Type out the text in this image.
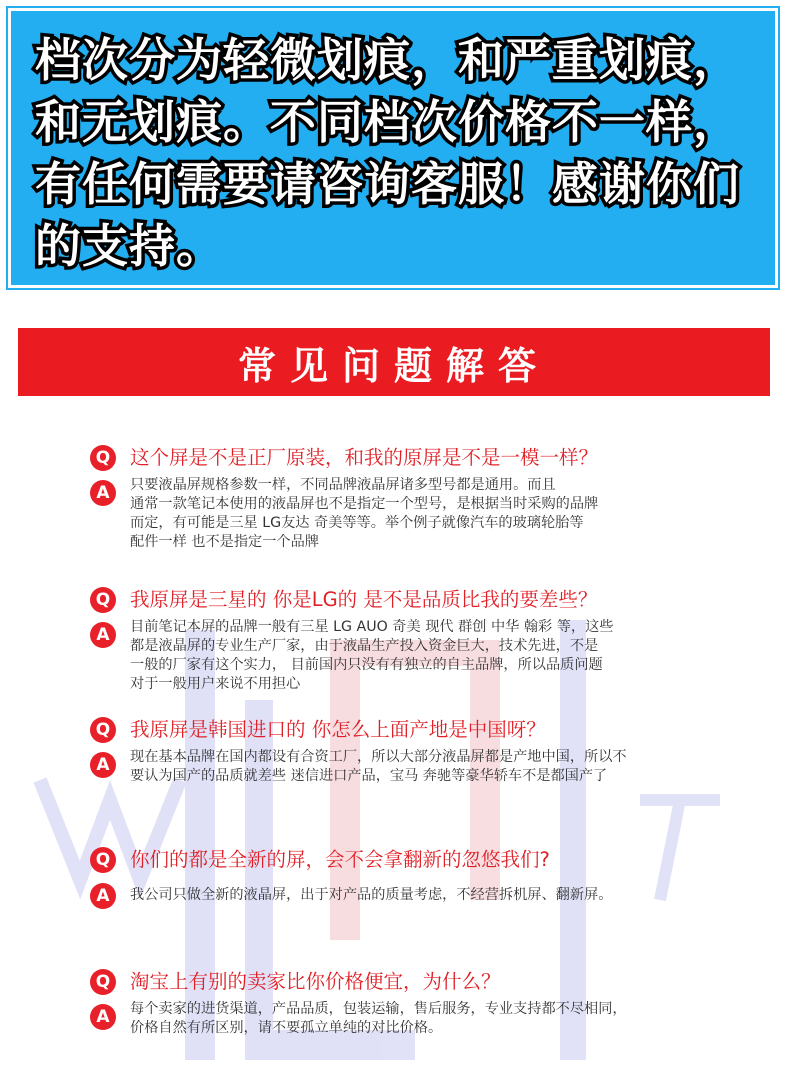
档次分为轻微划痕，和严重划痕，
和无划痕。不同档次价格不一样，
有任何需要请咨询客服！感谢你们
的支持。
常见问题解答
Q 这个屏是不是正厂原装，和我的原屏是不是一模一样？
A	只要液晶屏规格参数一样，不同品牌液晶屏诸多型号都是通用。而且
通常一款笔记本使用的液晶屏也不是指定一个型号，是根据当时采购的品牌
而定，有可能是三星 LG友达 奇美等等。举个例子就像汽车的玻璃轮胎等
配件一样 也不是指定一个品牌
Q 我原屏是三星的 你是LG的 是不是品质比我的要差些？
A	目前笔记本屏的品牌一般有三星 LG AUO 奇美 现代 群创 中华 翰彩 等，这些
都是液晶屏的专业生产厂家，由于液晶生产投入资金巨大，技术先进，不是
一般的厂家有这个实力， 目前国内只没有有独立的自主品牌，所以品质问题
对于一般用户来说不用担心
Q 我原屏是韩国进口的 你怎么上面产地是中国呀？
A	现在基本品牌在国内都设有合资工厂，所以大部分液晶屏都是产地中国，所以不
要认为国产的品质就差些 迷信进口产品，宝马 奔驰等豪华轿车不是都国产了
Q 你们的都是全新的屏，会不会拿翻新的忽悠我们?
A	我公司只做全新的液晶屏，出于对产品的质量考虑，不经营拆机屏、翻新屏。
Q 淘宝上有别的卖家比你价格便宜，为什么？
A	每个卖家的进货渠道，产品品质，包装运输，售后服务，专业支持都不尽相同，
价格自然有所区别，请不要孤立单纯的对比价格。
